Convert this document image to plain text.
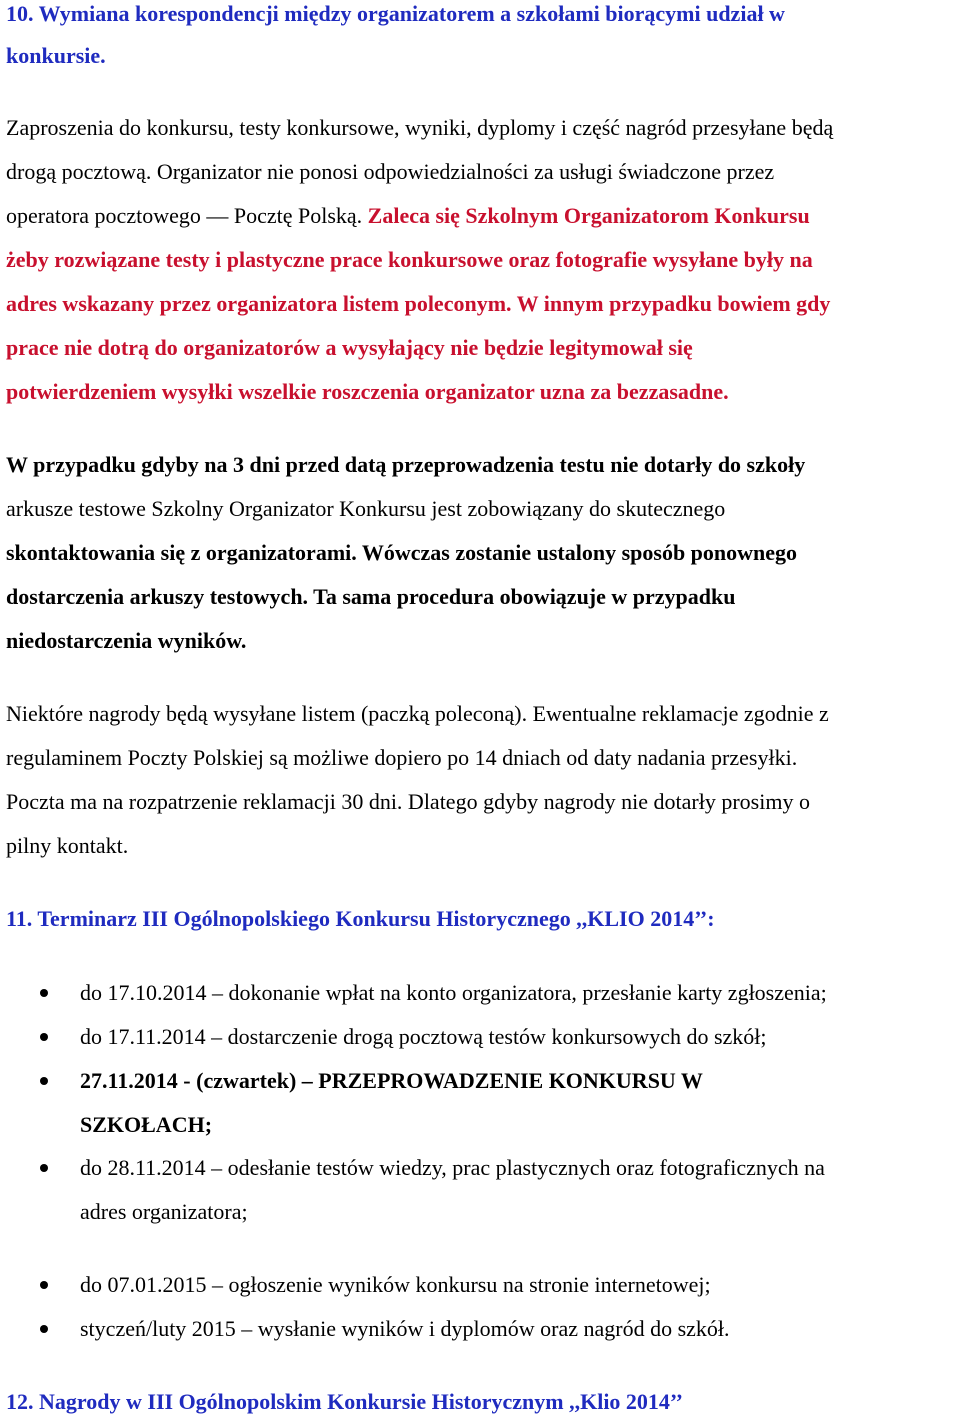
10. Wymiana korespondencji między organizatorem a szkołami biorącymi udział w
konkursie.
Zaproszenia do konkursu, testy konkursowe, wyniki, dyplomy i część nagród przesyłane będą
drogą pocztową. Organizator nie ponosi odpowiedzialności za usługi świadczone przez
operatora pocztowego — Pocztę Polską. Zaleca się Szkolnym Organizatorom Konkursu
żeby rozwiązane testy i plastyczne prace konkursowe oraz fotografie wysyłane były na
adres wskazany przez organizatora listem poleconym. W innym przypadku bowiem gdy
prace nie dotrą do organizatorów a wysyłający nie będzie legitymował się
potwierdzeniem wysyłki wszelkie roszczenia organizator uzna za bezzasadne.
W przypadku gdyby na 3 dni przed datą przeprowadzenia testu nie dotarły do szkoły
arkusze testowe Szkolny Organizator Konkursu jest zobowiązany do skutecznego
skontaktowania się z organizatorami. Wówczas zostanie ustalony sposób ponownego
dostarczenia arkuszy testowych. Ta sama procedura obowiązuje w przypadku
niedostarczenia wyników.
Niektóre nagrody będą wysyłane listem (paczką poleconą). Ewentualne reklamacje zgodnie z
regulaminem Poczty Polskiej są możliwe dopiero po 14 dniach od daty nadania przesyłki.
Poczta ma na rozpatrzenie reklamacji 30 dni. Dlatego gdyby nagrody nie dotarły prosimy o
pilny kontakt.
11. Terminarz III Ogólnopolskiego Konkursu Historycznego ,,KLIO 2014’’:
do 17.10.2014 – dokonanie wpłat na konto organizatora, przesłanie karty zgłoszenia;
do 17.11.2014 – dostarczenie drogą pocztową testów konkursowych do szkół;
27.11.2014 - (czwartek) – PRZEPROWADZENIE KONKURSU W
SZKOŁACH;
do 28.11.2014 – odesłanie testów wiedzy, prac plastycznych oraz fotograficznych na
adres organizatora;
do 07.01.2015 – ogłoszenie wyników konkursu na stronie internetowej;
styczeń/luty 2015 – wysłanie wyników i dyplomów oraz nagród do szkół.
12. Nagrody w III Ogólnopolskim Konkursie Historycznym ,,Klio 2014’’
